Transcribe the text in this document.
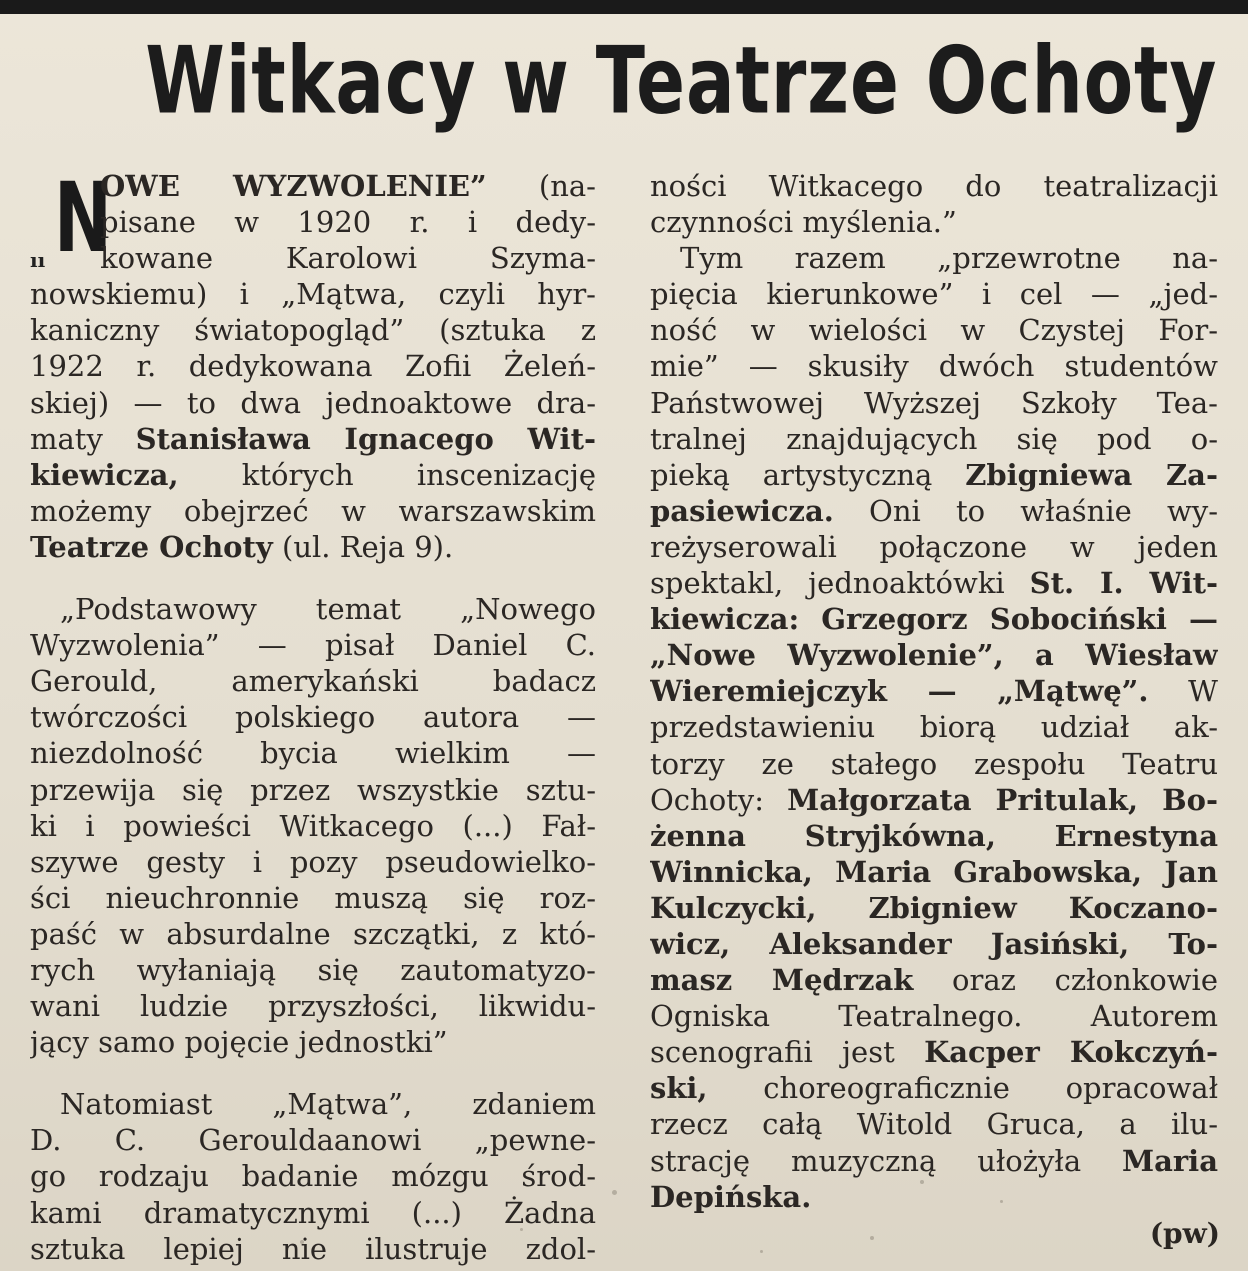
Witkacy w Teatrze Ochoty
N
ıı
OWE WYZWOLENIE” (na-
pisane w 1920 r. i dedy-
kowane Karolowi Szyma-
nowskiemu) i „Mątwa, czyli hyr-
kaniczny światopogląd” (sztuka z
1922 r. dedykowana Zofii Żeleń-
skiej) — to dwa jednoaktowe dra-
maty Stanisława Ignacego Wit-
kiewicza, których inscenizację
możemy obejrzeć w warszawskim
Teatrze Ochoty (ul. Reja 9).
„Podstawowy temat „Nowego
Wyzwolenia” — pisał Daniel C.
Gerould, amerykański badacz
twórczości polskiego autora —
niezdolność bycia wielkim —
przewija się przez wszystkie sztu-
ki i powieści Witkacego (...) Fał-
szywe gesty i pozy pseudowielko-
ści nieuchronnie muszą się roz-
paść w absurdalne szczątki, z któ-
rych wyłaniają się zautomatyzo-
wani ludzie przyszłości, likwidu-
jący samo pojęcie jednostki”
Natomiast „Mątwa”, zdaniem
D. C. Gerouldaanowi „pewne-
go rodzaju badanie mózgu środ-
kami dramatycznymi (...) Żadna
sztuka lepiej nie ilustruje zdol-
ności Witkacego do teatralizacji
czynności myślenia.”
Tym razem „przewrotne na-
pięcia kierunkowe” i cel — „jed-
ność w wielości w Czystej For-
mie” — skusiły dwóch studentów
Państwowej Wyższej Szkoły Tea-
tralnej znajdujących się pod o-
pieką artystyczną Zbigniewa Za-
pasiewicza. Oni to właśnie wy-
reżyserowali połączone w jeden
spektakl, jednoaktówki St. I. Wit-
kiewicza: Grzegorz Sobociński —
„Nowe Wyzwolenie”, a Wiesław
Wieremiejczyk — „Mątwę”. W
przedstawieniu biorą udział ak-
torzy ze stałego zespołu Teatru
Ochoty: Małgorzata Pritulak, Bo-
żenna Stryjkówna, Ernestyna
Winnicka, Maria Grabowska, Jan
Kulczycki, Zbigniew Koczano-
wicz, Aleksander Jasiński, To-
masz Mędrzak oraz członkowie
Ogniska Teatralnego. Autorem
scenografii jest Kacper Kokczyń-
ski, choreograficznie opracował
rzecz całą Witold Gruca, a ilu-
strację muzyczną ułożyła Maria
Depińska.
(pw)
